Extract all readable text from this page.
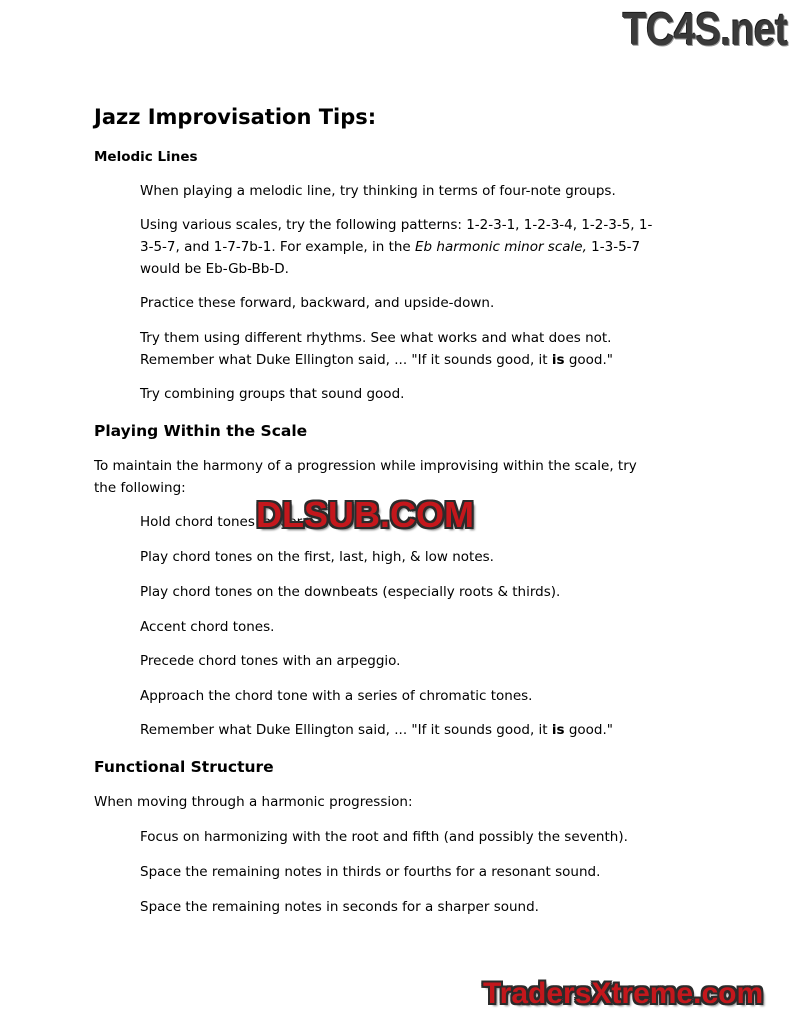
TC4S.net
Jazz Improvisation Tips:
Melodic Lines

When playing a melodic line, try thinking in terms of four-note groups.

Using various scales, try the following patterns: 1-2-3-1, 1-2-3-4, 1-2-3-5, 1-
3-5-7, and 1-7-7b-1. For example, in the Eb harmonic minor scale, 1-3-5-7
would be Eb-Gb-Bb-D.

Practice these forward, backward, and upside-down.

Try them using different rhythms. See what works and what does not.
Remember what Duke Ellington said, ... "If it sounds good, it is good."

Try combining groups that sound good.

Playing Within the Scale

To maintain the harmony of a progression while improvising within the scale, try
the following:

Hold chord tones longer.

Play chord tones on the first, last, high, & low notes.

Play chord tones on the downbeats (especially roots & thirds).

Accent chord tones.

Precede chord tones with an arpeggio.

Approach the chord tone with a series of chromatic tones.

Remember what Duke Ellington said, ... "If it sounds good, it is good."

Functional Structure

When moving through a harmonic progression:

Focus on harmonizing with the root and fifth (and possibly the seventh).

Space the remaining notes in thirds or fourths for a resonant sound.

Space the remaining notes in seconds for a sharper sound.

DLSUB.COM
TradersXtreme.com
